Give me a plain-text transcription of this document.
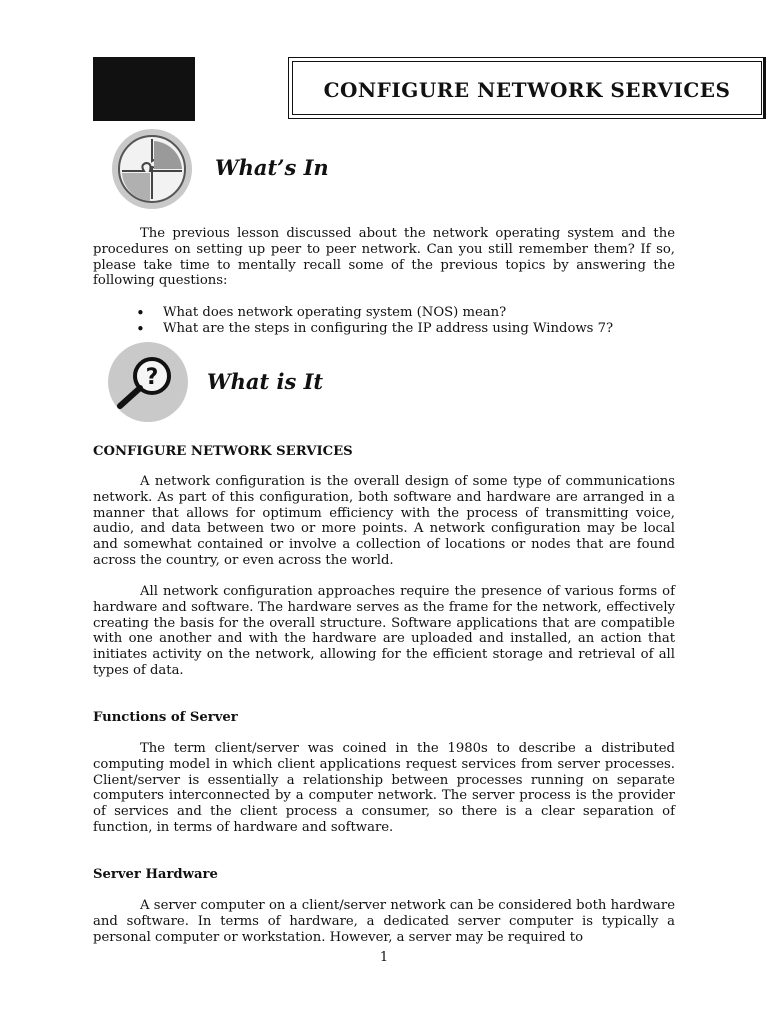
CONFIGURE NETWORK SERVICES
What’s In

The previous lesson discussed about the network operating system and the procedures on setting up peer to peer network. Can you still remember them? If so, please take time to mentally recall some of the previous topics by answering the following questions:

• What does network operating system (NOS) mean?
• What are the steps in configuring the IP address using Windows 7?
? What is It
CONFIGURE NETWORK SERVICES

A network configuration is the overall design of some type of communications network. As part of this configuration, both software and hardware are arranged in a manner that allows for optimum efficiency with the process of transmitting voice, audio, and data between two or more points. A network configuration may be local and somewhat contained or involve a collection of locations or nodes that are found across the country, or even across the world.

All network configuration approaches require the presence of various forms of hardware and software. The hardware serves as the frame for the network, effectively creating the basis for the overall structure. Software applications that are compatible with one another and with the hardware are uploaded and installed, an action that initiates activity on the network, allowing for the efficient storage and retrieval of all types of data.

Functions of Server

The term client/server was coined in the 1980s to describe a distributed computing model in which client applications request services from server processes. Client/server is essentially a relationship between processes running on separate computers interconnected by a computer network. The server process is the provider of services and the client process a consumer, so there is a clear separation of function, in terms of hardware and software.

Server Hardware

A server computer on a client/server network can be considered both hardware and software. In terms of hardware, a dedicated server computer is typically a personal computer or workstation. However, a server may be required to

1
